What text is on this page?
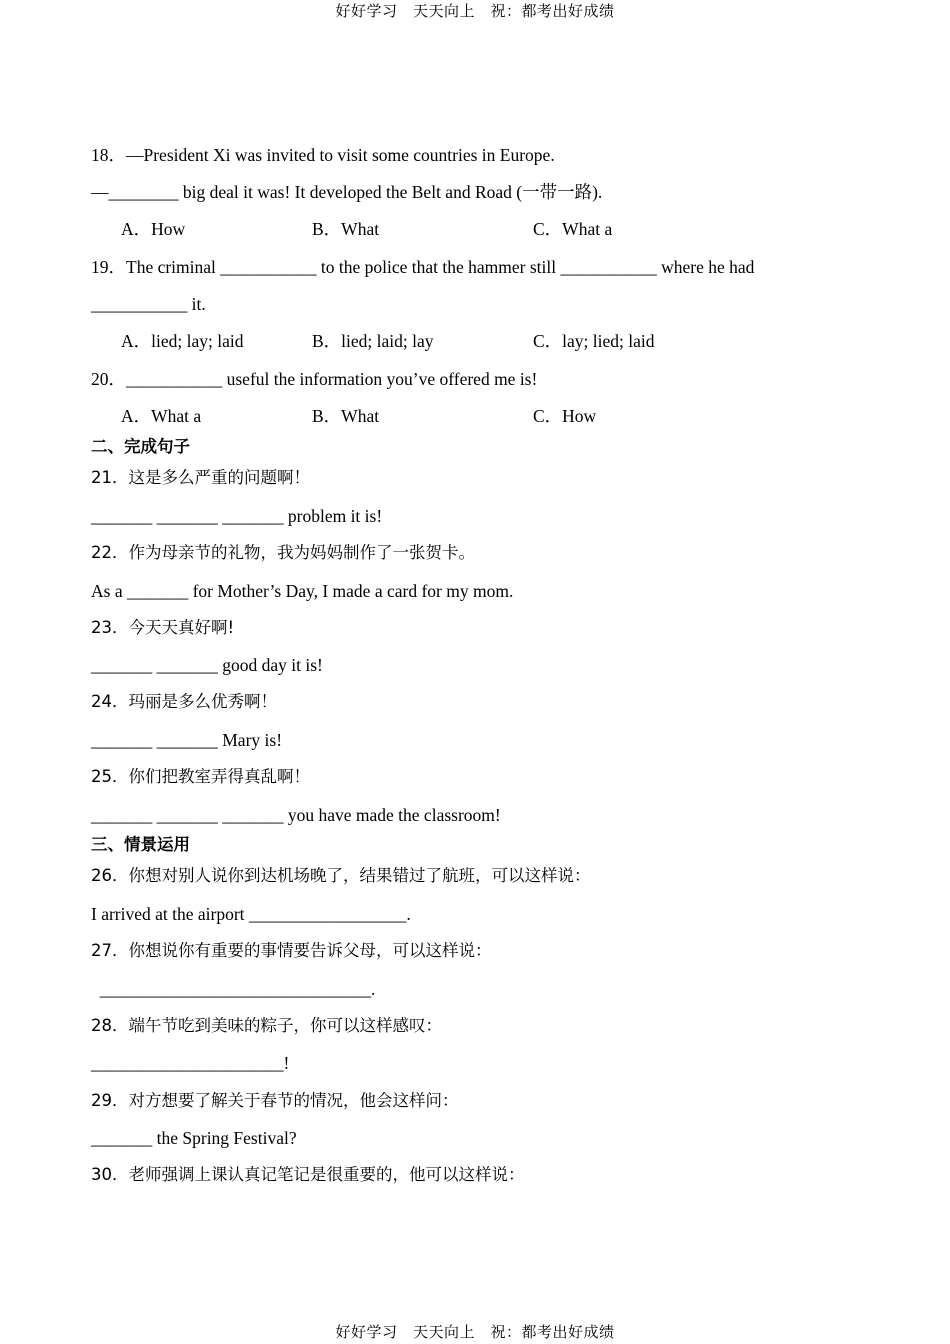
好好学习　天天向上　祝：都考出好成绩
18．—President Xi was invited to visit some countries in Europe.
—________ big deal it was! It developed the Belt and Road (一带一路).
A．How	B．What	C．What a
19．The criminal ___________ to the police that the hammer still ___________ where he had
___________ it.
A．lied; lay; laid	B．lied; laid; lay	C．lay; lied; laid
20．___________ useful the information you’ve offered me is!
A．What a	B．What	C．How
二、完成句子
21．这是多么严重的问题啊！
_______ _______ _______ problem it is!
22．作为母亲节的礼物，我为妈妈制作了一张贺卡。
As a _______ for Mother’s Day, I made a card for my mom.
23．今天天真好啊!
_______ _______ good day it is!
24．玛丽是多么优秀啊！
_______ _______ Mary is!
25．你们把教室弄得真乱啊！
_______ _______ _______ you have made the classroom!
三、情景运用
26．你想对别人说你到达机场晚了，结果错过了航班，可以这样说：
I arrived at the airport __________________.
27．你想说你有重要的事情要告诉父母，可以这样说：
_______________________________.
28．端午节吃到美味的粽子，你可以这样感叹：
______________________!
29．对方想要了解关于春节的情况，他会这样问：
_______ the Spring Festival?
30．老师强调上课认真记笔记是很重要的，他可以这样说：
好好学习　天天向上　祝：都考出好成绩
